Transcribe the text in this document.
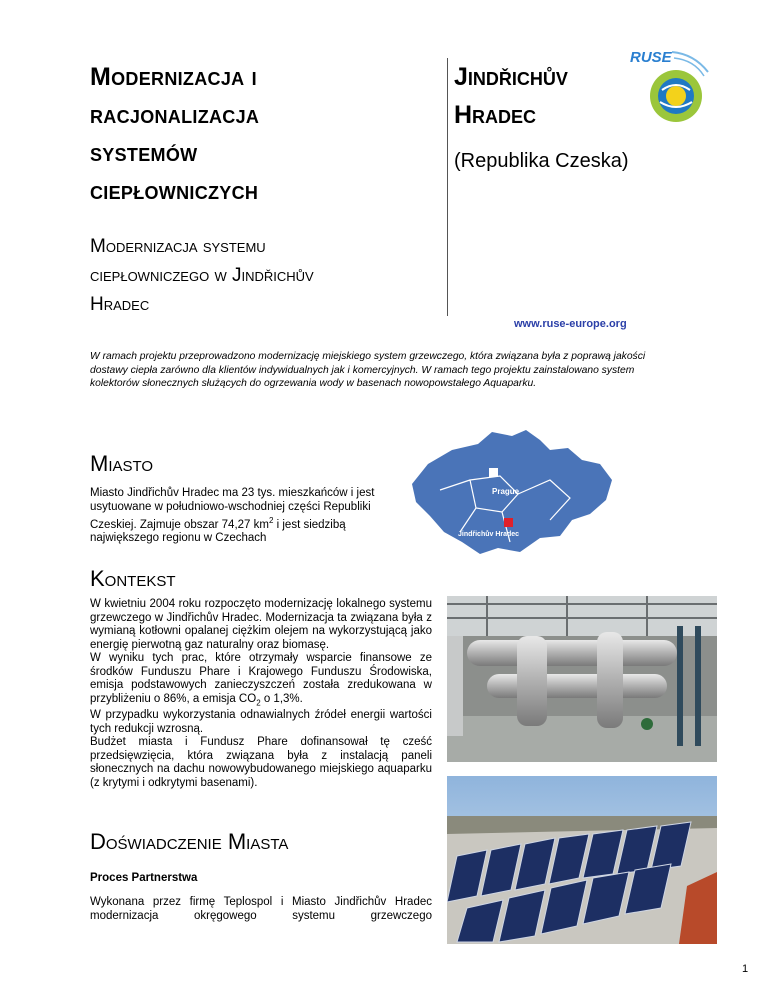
RUSE
Modernizacja i
racjonalizacja
systemów
ciepłowniczych
Jindřichův
Hradec
(Republika Czeska)
Modernizacja systemu
ciepłowniczego w Jindřichův
Hradec
www.ruse-europe.org
W ramach projektu przeprowadzono modernizację miejskiego system grzewczego, która związana była z poprawą jakości dostawy ciepła zarówno dla klientów indywidualnych jak i komercyjnych. W ramach tego projektu zainstalowano system kolektorów słonecznych służących do ogrzewania wody w basenach nowopowstałego Aquaparku.
Prague
Jindřichův Hradec
Miasto
Miasto Jindřichův Hradec ma 23 tys. mieszkańców i jest usytuowane w południowo-wschodniej części Republiki Czeskiej. Zajmuje obszar 74,27 $km^2$ i jest siedzibą największego regionu w Czechach
Kontekst
W kwietniu 2004 roku rozpoczęto modernizację lokalnego systemu grzewczego w Jindřichův Hradec. Modernizacja ta związana była z wymianą kotłowni opalanej ciężkim olejem na wykorzystującą jako energię pierwotną gaz naturalny oraz biomasę.
W wyniku tych prac, które otrzymały wsparcie finansowe ze środków Funduszu Phare i Krajowego Funduszu Środowiska, emisja podstawowych zanieczyszczeń została zredukowana w przybliżeniu o 86%, a emisja $CO_2$ o 1,3%.
W przypadku wykorzystania odnawialnych źródeł energii wartości tych redukcji wzrosną.
Budżet miasta i Fundusz Phare dofinansował tę cześć przedsięwzięcia, która związana była z instalacją paneli słonecznych na dachu nowowybudowanego miejskiego aquaparku (z krytymi i odkrytymi basenami).
Doświadczenie Miasta
Proces Partnerstwa
Wykonana przez firmę Teplospol i Miasto Jindřichův Hradec modernizacja okręgowego systemu grzewczego
1
